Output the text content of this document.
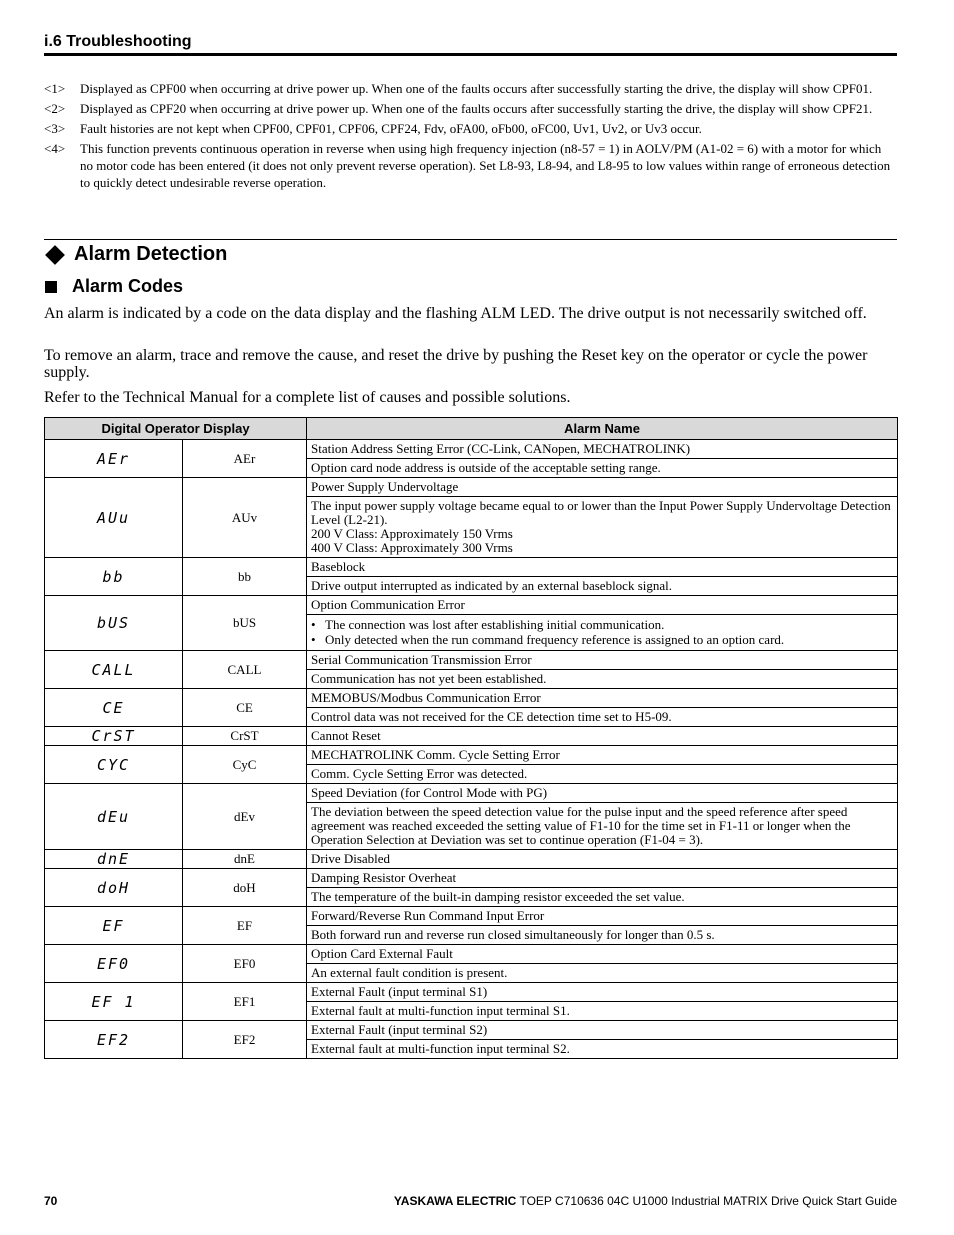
i.6 Troubleshooting
<1>	Displayed as CPF00 when occurring at drive power up. When one of the faults occurs after successfully starting the drive, the display will show CPF01.
<2>	Displayed as CPF20 when occurring at drive power up. When one of the faults occurs after successfully starting the drive, the display will show CPF21.
<3>	Fault histories are not kept when CPF00, CPF01, CPF06, CPF24, Fdv, oFA00, oFb00, oFC00, Uv1, Uv2, or Uv3 occur.
<4>	This function prevents continuous operation in reverse when using high frequency injection (n8-57 = 1) in AOLV/PM (A1-02 = 6) with a motor for which no motor code has been entered (it does not only prevent reverse operation). Set L8-93, L8-94, and L8-95 to low values within range of erroneous detection to quickly detect undesirable reverse operation.
Alarm Detection
Alarm Codes

An alarm is indicated by a code on the data display and the flashing ALM LED. The drive output is not necessarily switched off.

To remove an alarm, trace and remove the cause, and reset the drive by pushing the Reset key on the operator or cycle the power supply.

Refer to the Technical Manual for a complete list of causes and possible solutions.

Digital Operator Display		Alarm Name
AEr	AEr	Station Address Setting Error (CC-Link, CANopen, MECHATROLINK)
		Option card node address is outside of the acceptable setting range.
AUu	AUv	Power Supply Undervoltage

		The input power supply voltage became equal to or lower than the Input Power Supply Undervoltage Detection Level (L2-21).
200 V Class: Approximately 150 Vrms
400 V Class: Approximately 300 Vrms

bb	bb	Baseblock
		Drive output interrupted as indicated by an external baseblock signal.
bUS	bUS	Option Communication Error

		• The connection was lost after establishing initial communication.
• Only detected when the run command frequency reference is assigned to an option card.

CALL	CALL	Serial Communication Transmission Error
		Communication has not yet been established.
CE	CE	MEMOBUS/Modbus Communication Error
		Control data was not received for the CE detection time set to H5-09.
CrST	CrST	Cannot Reset
CYC	CyC	MECHATROLINK Comm. Cycle Setting Error
		Comm. Cycle Setting Error was detected.
dEu	dEv	Speed Deviation (for Control Mode with PG)
		The deviation between the speed detection value for the pulse input and the speed reference after speed agreement was reached exceeded the setting value of F1-10 for the time set in F1-11 or longer when the Operation Selection at Deviation was set to continue operation (F1-04 = 3).
dnE	dnE	Drive Disabled
doH	doH	Damping Resistor Overheat
		The temperature of the built-in damping resistor exceeded the set value.
EF	EF	Forward/Reverse Run Command Input Error
		Both forward run and reverse run closed simultaneously for longer than 0.5 s.
EF0	EF0	Option Card External Fault
		An external fault condition is present.
EF 1	EF1	External Fault (input terminal S1)
		External fault at multi-function input terminal S1.
EF2	EF2	External Fault (input terminal S2)
		External fault at multi-function input terminal S2.
70	YASKAWA ELECTRIC TOEP C710636 04C U1000 Industrial MATRIX Drive Quick Start Guide
